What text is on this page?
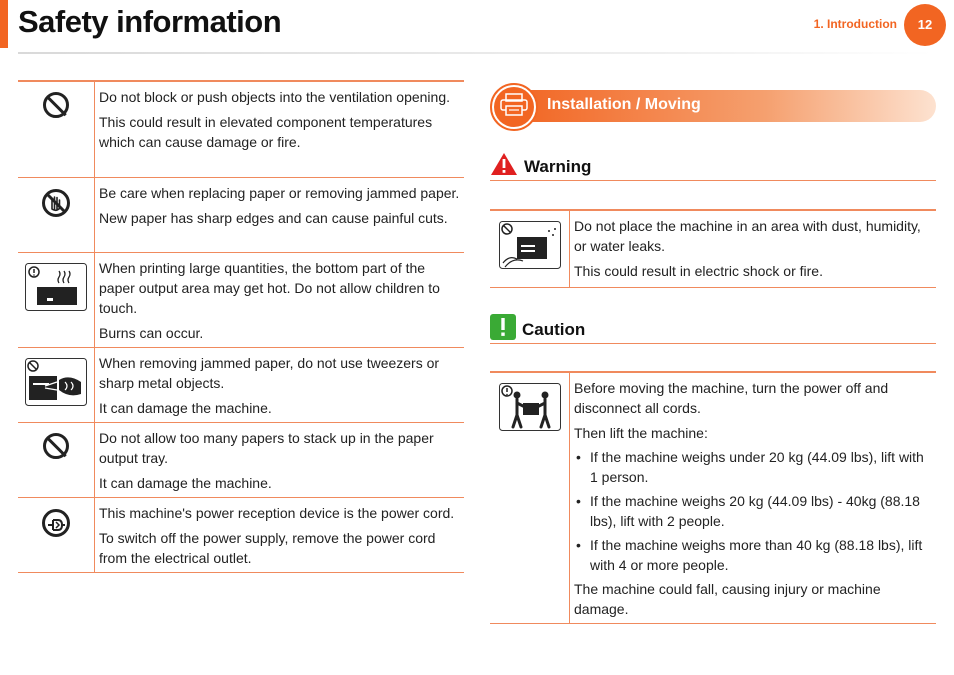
Safety information	1. Introduction	12

Do not block or push objects into the ventilation opening.

This could result in elevated component temperatures which can cause damage or fire.

Be care when replacing paper or removing jammed paper.

New paper has sharp edges and can cause painful cuts.

When printing large quantities, the bottom part of the paper output area may get hot. Do not allow children to touch.

Burns can occur.

When removing jammed paper, do not use tweezers or sharp metal objects.

It can damage the machine.

Do not allow too many papers to stack up in the paper output tray.

It can damage the machine.

This machine's power reception device is the power cord.

To switch off the power supply, remove the power cord from the electrical outlet.

Installation / Moving
Warning

Do not place the machine in an area with dust, humidity, or water leaks.

This could result in electric shock or fire.

Caution

Before moving the machine, turn the power off and disconnect all cords.

Then lift the machine:

• If the machine weighs under 20 kg (44.09 lbs), lift with 1 person.
• If the machine weighs 20 kg (44.09 lbs) - 40kg (88.18 lbs), lift with 2 people.
• If the machine weighs more than 40 kg (88.18 lbs), lift with 4 or more people.

The machine could fall, causing injury or machine damage.
